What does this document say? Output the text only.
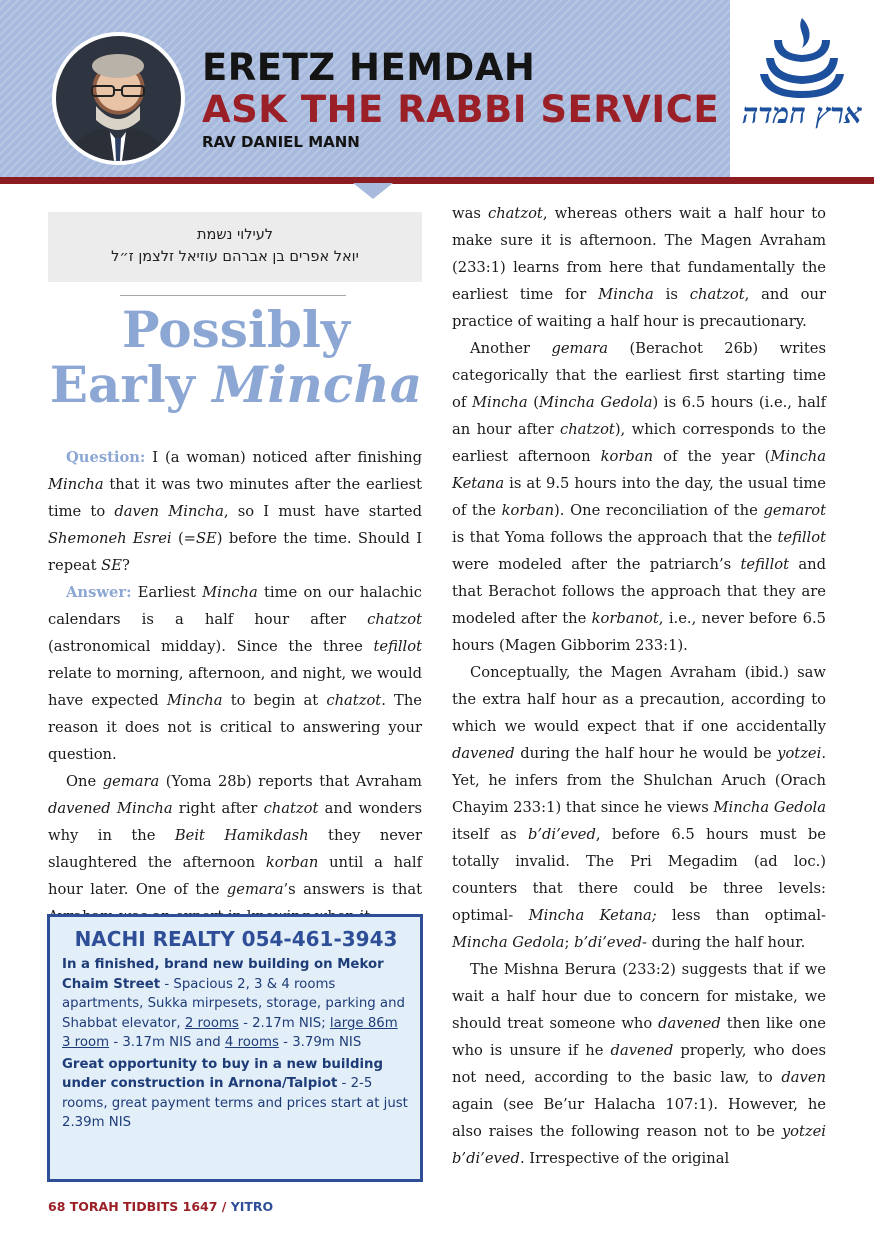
ERETZ HEMDAH
ASK THE RABBI SERVICE
RAV DANIEL MANN
ארץ חמדה
לעילוי נשמת
יואל אפרים בן אברהם עוזיאל זלצמן ז״ל
Possibly
Early Mincha

Question: I (a woman) noticed after finishing Mincha that it was two minutes after the earliest time to daven Mincha, so I must have started Shemoneh Esrei (=SE) before the time. Should I repeat SE?

Answer: Earliest Mincha time on our halachic calendars is a half hour after chatzot (astronomical midday). Since the three tefillot relate to morning, afternoon, and night, we would have expected Mincha to begin at chatzot. The reason it does not is critical to answering your question.

One gemara (Yoma 28b) reports that Avraham davened Mincha right after chatzot and wonders why in the Beit Hamikdash they never slaughtered the afternoon korban until a half hour later. One of the gemara’s answers is that

was chatzot, whereas others wait a half hour to make sure it is afternoon. The Magen Avraham (233:1) learns from here that fundamentally the earliest time for Mincha is chatzot, and our practice of waiting a half hour is precautionary.

Another gemara (Berachot 26b) writes categorically that the earliest first starting time of Mincha (Mincha Gedola) is 6.5 hours (i.e., half an hour after chatzot), which corresponds to the earliest afternoon korban of the year (Mincha Ketana is at 9.5 hours into the day, the usual time of the korban). One reconciliation of the gemarot is that Yoma follows the approach that the tefillot were modeled after the patriarch’s tefillot and that Berachot follows the approach that they are modeled after the korbanot, i.e., never before 6.5 hours (Magen Gibborim 233:1).

Conceptually, the Magen Avraham (ibid.) saw the extra half hour as a precaution, according to which we would expect that if one accidentally davened during the half hour he would be yotzei. Yet, he infers from the Shulchan Aruch (Orach Chayim 233:1) that since he views Mincha Gedola itself as b’di’eved, before 6.5 hours must be totally invalid. The Pri Megadim (ad loc.) counters that there could be three levels: optimal- Mincha Ketana; less than optimal- Mincha Gedola; b’di’eved- during the half hour.

The Mishna Berura (233:2) suggests that if we wait a half hour due to concern for mistake, we should treat someone who davened then like one who is unsure if he davened properly, who does not need, according to the basic law, to daven again (see Be’ur Halacha 107:1). However, he also raises the following reason not to be yotzei b’di’eved. Irrespective of the original

NACHI REALTY 054-461-3943
In a finished, brand new building on Mekor Chaim Street - Spacious 2, 3 & 4 rooms apartments, Sukka mirpesets, storage, parking and Shabbat elevator, 2 rooms - 2.17m NIS; large 86m 3 room - 3.17m NIS and 4 rooms - 3.79m NIS
Great opportunity to buy in a new building under construction in Arnona/Talpiot - 2-5 rooms, great payment terms and prices start at just 2.39m NIS
68 TORAH TIDBITS 1647 / YITRO
